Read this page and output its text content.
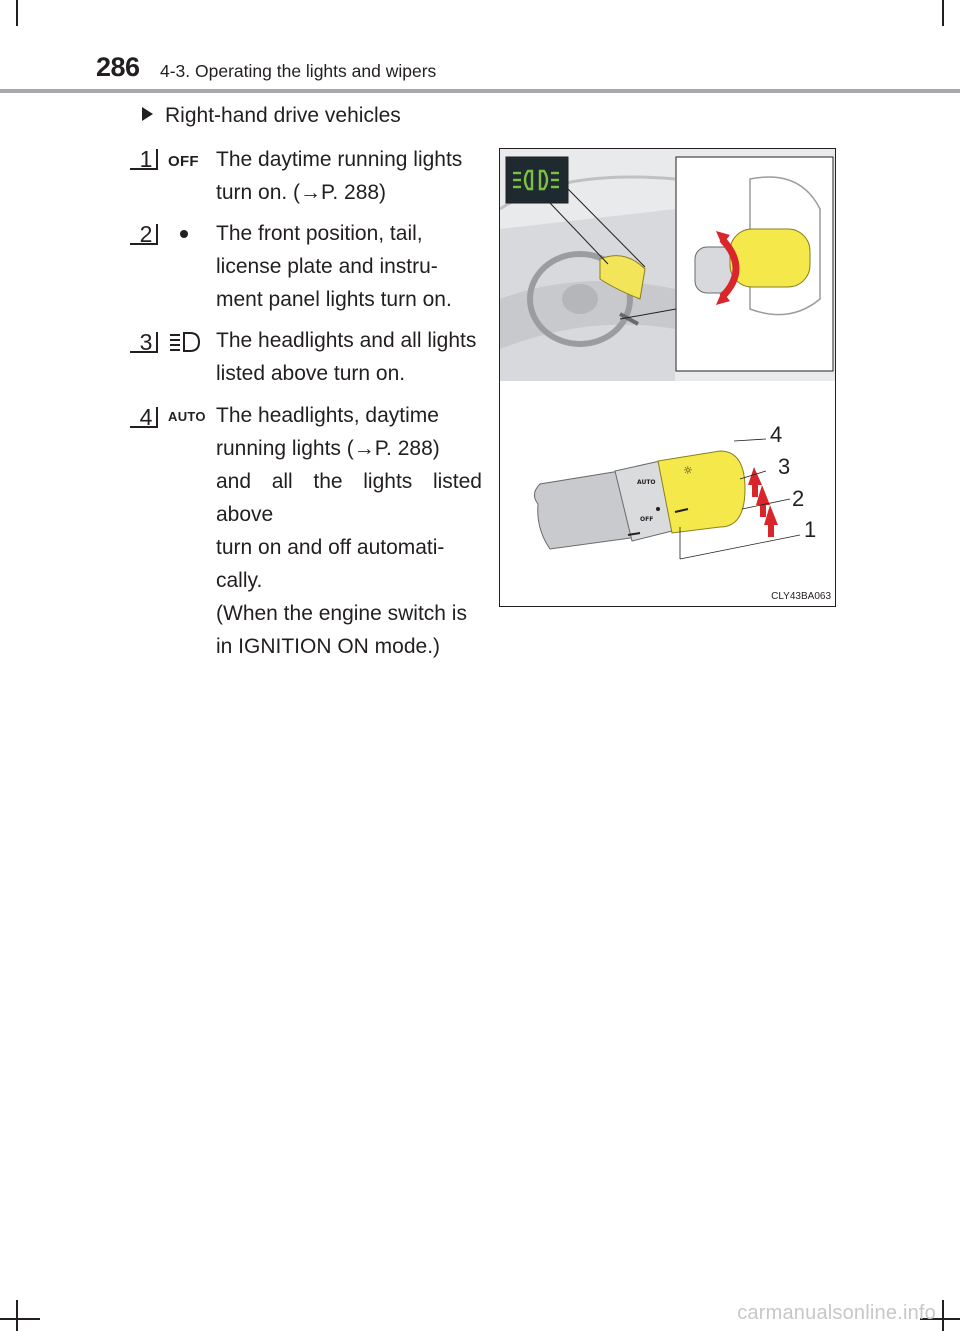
286 4-3. Operating the lights and wipers
Right-hand drive vehicles
1	OFF The daytime running lights
turn on. (→P. 288)
2	The front position, tail,
license plate and instru-
ment panel lights turn on.
3	The headlights and all lights
listed above turn on.
4	AUTO The headlights, daytime
running lights (→P. 288)
and all the lights listed above
turn on and off automati-
cally.
(When the engine switch is
in IGNITION ON mode.)
☼
AUTO
OFF
4
3
2
1
CLY43BA063
carmanualsonline.info
